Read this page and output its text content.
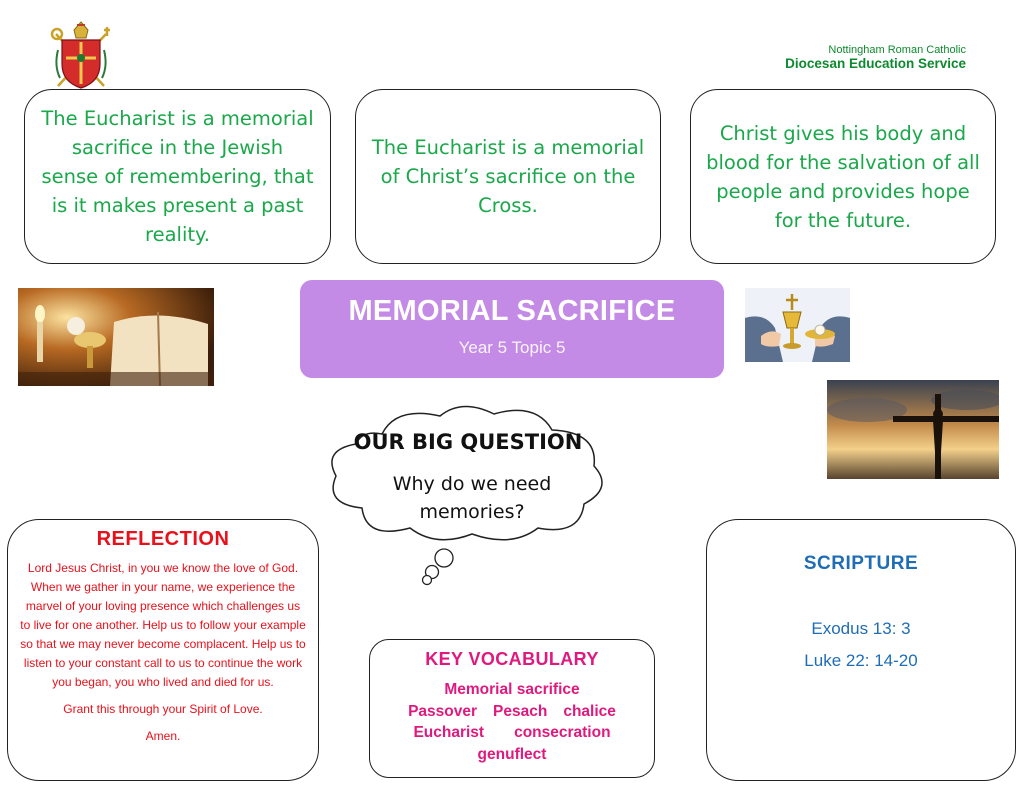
Nottingham Roman Catholic
Diocesan Education Service
The Eucharist is a memorial sacrifice in the Jewish sense of remembering, that is it makes present a past reality.
The Eucharist is a memorial of Christ’s sacrifice on the Cross.
Christ gives his body and blood for the salvation of all people and provides hope for the future.
MEMORIAL SACRIFICE
Year 5 Topic 5
OUR BIG QUESTION
Why do we need memories?
REFLECTION

Lord Jesus Christ, in you we know the love of God. When we gather in your name, we experience the marvel of your loving presence which challenges us to live for one another. Help us to follow your example so that we may never become complacent. Help us to listen to your constant call to us to continue the work you began, you who lived and died for us.

Grant this through your Spirit of Love.

Amen.

KEY VOCABULARY
Memorial sacrifice
Passover Pesach chalice
Eucharist consecration
genuflect
SCRIPTURE
Exodus 13: 3
Luke 22: 14-20
